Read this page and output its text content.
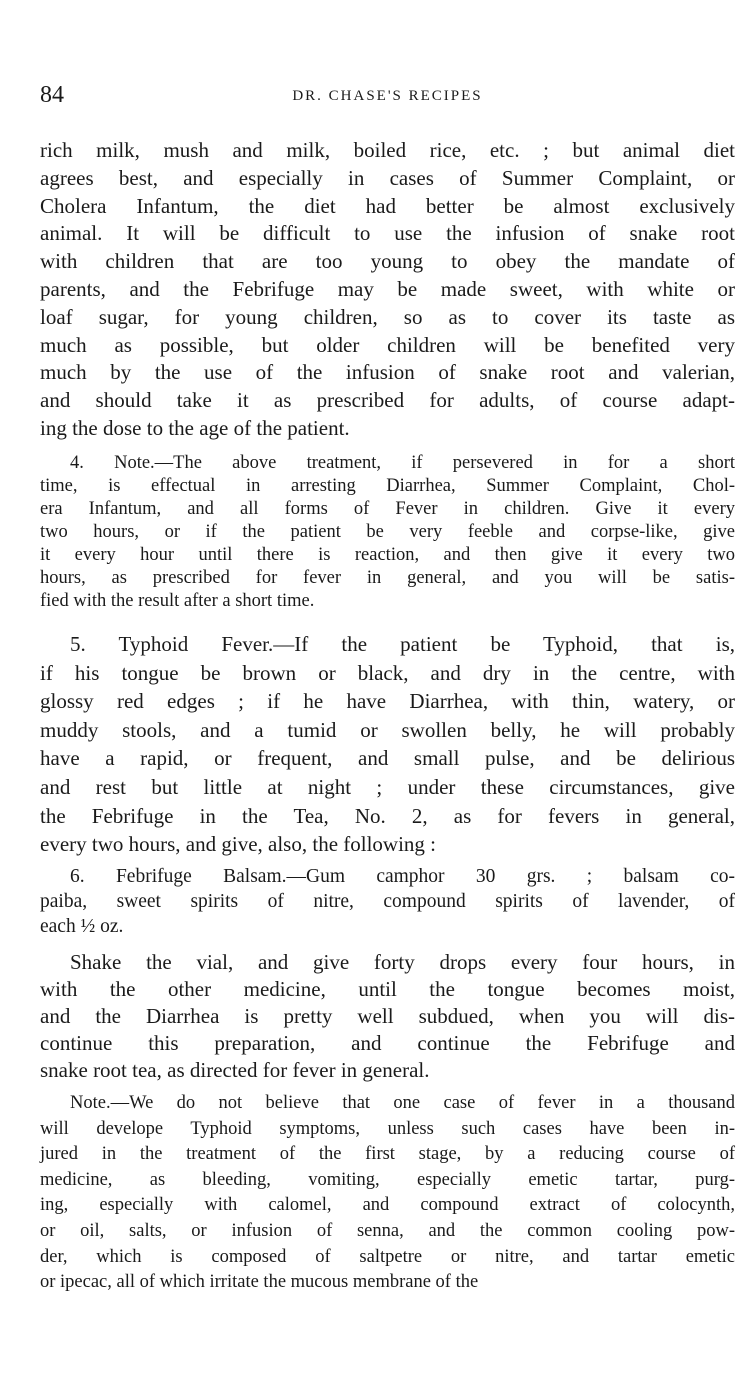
84	DR. CHASE'S RECIPES
rich milk, mush and milk, boiled rice, etc. ; but animal diet
agrees best, and especially in cases of Summer Complaint, or
Cholera Infantum, the diet had better be almost exclusively
animal. It will be difficult to use the infusion of snake root
with children that are too young to obey the mandate of
parents, and the Febrifuge may be made sweet, with white or
loaf sugar, for young children, so as to cover its taste as
much as possible, but older children will be benefited very
much by the use of the infusion of snake root and valerian,
and should take it as prescribed for adults, of course adapt-
ing the dose to the age of the patient.
4. Note.—The above treatment, if persevered in for a short
time, is effectual in arresting Diarrhea, Summer Complaint, Chol-
era Infantum, and all forms of Fever in children. Give it every
two hours, or if the patient be very feeble and corpse-like, give
it every hour until there is reaction, and then give it every two
hours, as prescribed for fever in general, and you will be satis-
fied with the result after a short time.
5. Typhoid Fever.—If the patient be Typhoid, that is,
if his tongue be brown or black, and dry in the centre, with
glossy red edges ; if he have Diarrhea, with thin, watery, or
muddy stools, and a tumid or swollen belly, he will probably
have a rapid, or frequent, and small pulse, and be delirious
and rest but little at night ; under these circumstances, give
the Febrifuge in the Tea, No. 2, as for fevers in general,
every two hours, and give, also, the following :
6. Febrifuge Balsam.—Gum camphor 30 grs. ; balsam co-
paiba, sweet spirits of nitre, compound spirits of lavender, of
each ½ oz.
Shake the vial, and give forty drops every four hours, in
with the other medicine, until the tongue becomes moist,
and the Diarrhea is pretty well subdued, when you will dis-
continue this preparation, and continue the Febrifuge and
snake root tea, as directed for fever in general.
Note.—We do not believe that one case of fever in a thousand
will develope Typhoid symptoms, unless such cases have been in-
jured in the treatment of the first stage, by a reducing course of
medicine, as bleeding, vomiting, especially emetic tartar, purg-
ing, especially with calomel, and compound extract of colocynth,
or oil, salts, or infusion of senna, and the common cooling pow-
der, which is composed of saltpetre or nitre, and tartar emetic
or ipecac, all of which irritate the mucous membrane of the
